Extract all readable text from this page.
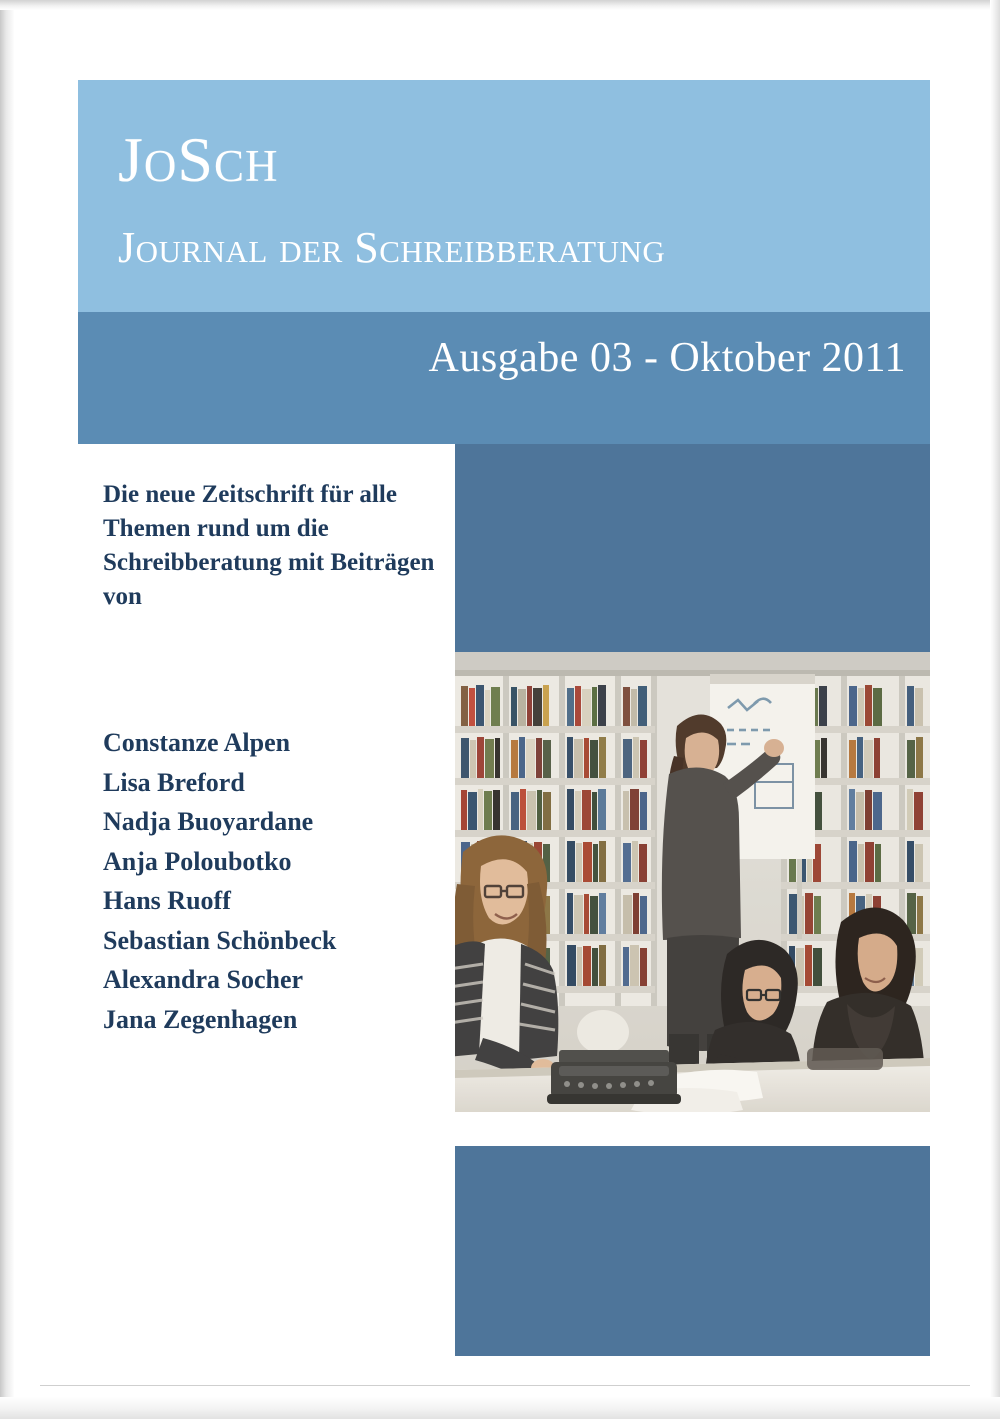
JoSch
Journal der Schreibberatung
Ausgabe 03 - Oktober 2011
Die neue Zeitschrift für alle Themen rund um die Schreibberatung mit Beiträgen von
Constanze Alpen
Lisa Breford
Nadja Buoyardane
Anja Poloubotko
Hans Ruoff
Sebastian Schönbeck
Alexandra Socher
Jana Zegenhagen
